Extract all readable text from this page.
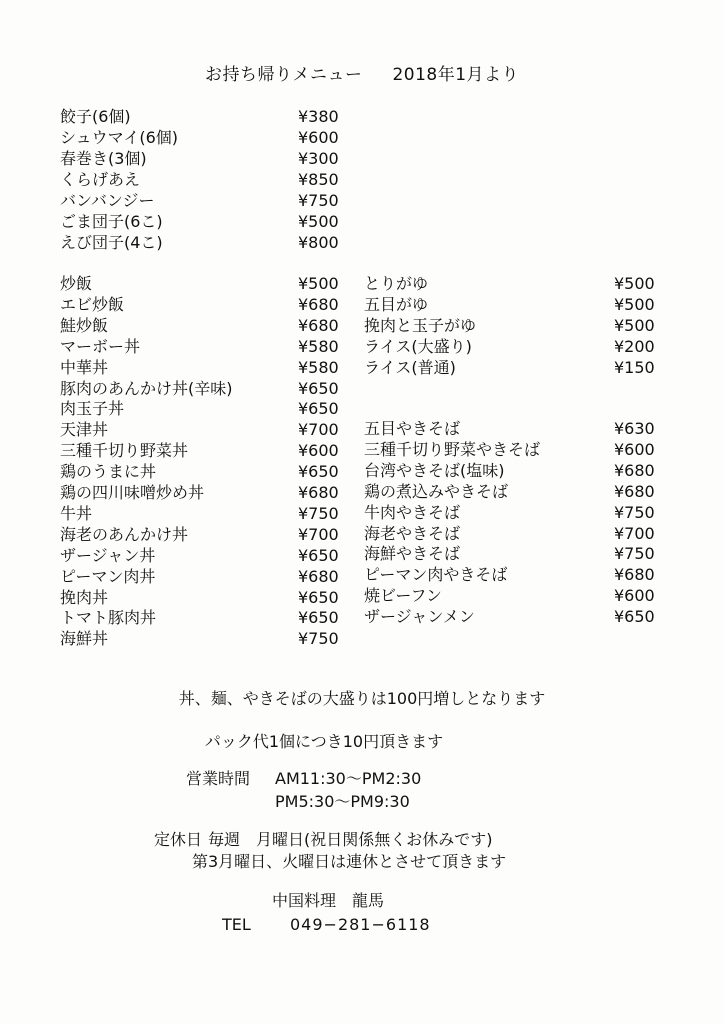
お持ち帰りメニュー 2018年1月より
餃子(6個)	¥380
シュウマイ(6個)	¥600
春巻き(3個)	¥300
くらげあえ	¥850
バンバンジー	¥750
ごま団子(6こ)	¥500
えび団子(4こ)	¥800
炒飯	¥500
エビ炒飯	¥680
鮭炒飯	¥680
マーボー丼	¥580
中華丼	¥580
豚肉のあんかけ丼(辛味)	¥650
肉玉子丼	¥650
天津丼	¥700
三種千切り野菜丼	¥600
鶏のうまに丼	¥650
鶏の四川味噌炒め丼	¥680
牛丼	¥750
海老のあんかけ丼	¥700
ザージャン丼	¥650
ピーマン肉丼	¥680
挽肉丼	¥650
トマト豚肉丼	¥650
海鮮丼	¥750
とりがゆ	¥500
五目がゆ	¥500
挽肉と玉子がゆ	¥500
ライス(大盛り)	¥200
ライス(普通)	¥150
五目やきそば	¥630
三種千切り野菜やきそば	¥600
台湾やきそば(塩味)	¥680
鶏の煮込みやきそば	¥680
牛肉やきそば	¥750
海老やきそば	¥700
海鮮やきそば	¥750
ピーマン肉やきそば	¥680
焼ビーフン	¥600
ザージャンメン	¥650
丼、麺、やきそばの大盛りは100円増しとなります
パック代1個につき10円頂きます
営業時間 AM11:30〜PM2:30
PM5:30〜PM9:30
定休日 毎週　月曜日(祝日関係無くお休みです)
第3月曜日、火曜日は連休とさせて頂きます
中国料理　龍馬
TEL 049−281−6118
